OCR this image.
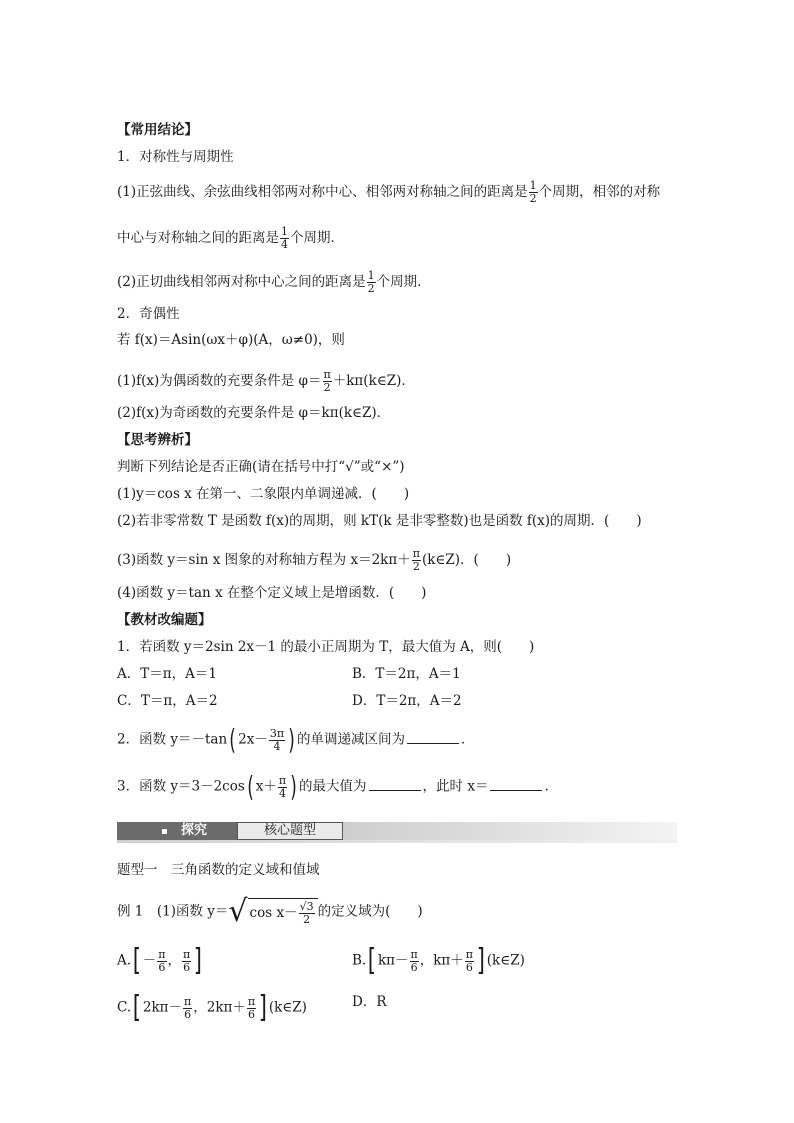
【常用结论】
1．对称性与周期性
(1)正弦曲线、余弦曲线相邻两对称中心、相邻两对称轴之间的距离是 $\frac{1}{2}$ 个周期，相邻的对称
中心与对称轴之间的距离是 $\frac{1}{4}$ 个周期．
(2)正切曲线相邻两对称中心之间的距离是 $\frac{1}{2}$ 个周期．
2．奇偶性
若 f(x)＝Asin(ωx＋φ)(A，ω≠0)，则
(1)f(x)为偶函数的充要条件是 $\varphi= \frac{\pi}{2}$ ＋kπ(k∈Z)．
(2)f(x)为奇函数的充要条件是 φ＝kπ(k∈Z)．
【思考辨析】
判断下列结论是否正确(请在括号中打“√”或“×”)
(1)y＝cos x 在第一、二象限内单调递减．(　　)
(2)若非零常数 T 是函数 f(x)的周期，则 kT(k 是非零整数)也是函数 f(x)的周期．(　　)
(3)函数 y＝sin x 图象的对称轴方程为 $x=2k\pi+ \frac{\pi}{2}$ (k∈Z)．(　　)
(4)函数 y＝tan x 在整个定义域上是增函数．(　　)
【教材改编题】
1．若函数 y＝2sin 2x－1 的最小正周期为 T，最大值为 A，则(　　)
A．T＝π，A＝1	B．T＝2π，A＝1
C．T＝π，A＝2	D．T＝2π，A＝2
2．函数 y＝－tan( $2x- \frac{3\pi}{4}$ ) 的单调递减区间为	．
3．函数 y＝3－2cos( $x+ \frac{\pi}{4}$ ) 的最大值为	，此时 x＝	.
探究	核心题型
题型一　三角函数的定义域和值域
例 1　(1)函数 y＝√ $\cos x- \frac{√3}{2}$ 的定义域为(　　)
$A.[ - \frac{\pi}{6}$ ， $\frac{\pi}{6}$ ]	B.[ $k\pi- \frac{\pi}{6}$ ，$k\pi+ \frac{\pi}{6}$ ] (k∈Z)
C.[ $2k\pi- \frac{\pi}{6}$ ，$2k\pi+ \frac{\pi}{6}$ ] (k∈Z)	D．R
